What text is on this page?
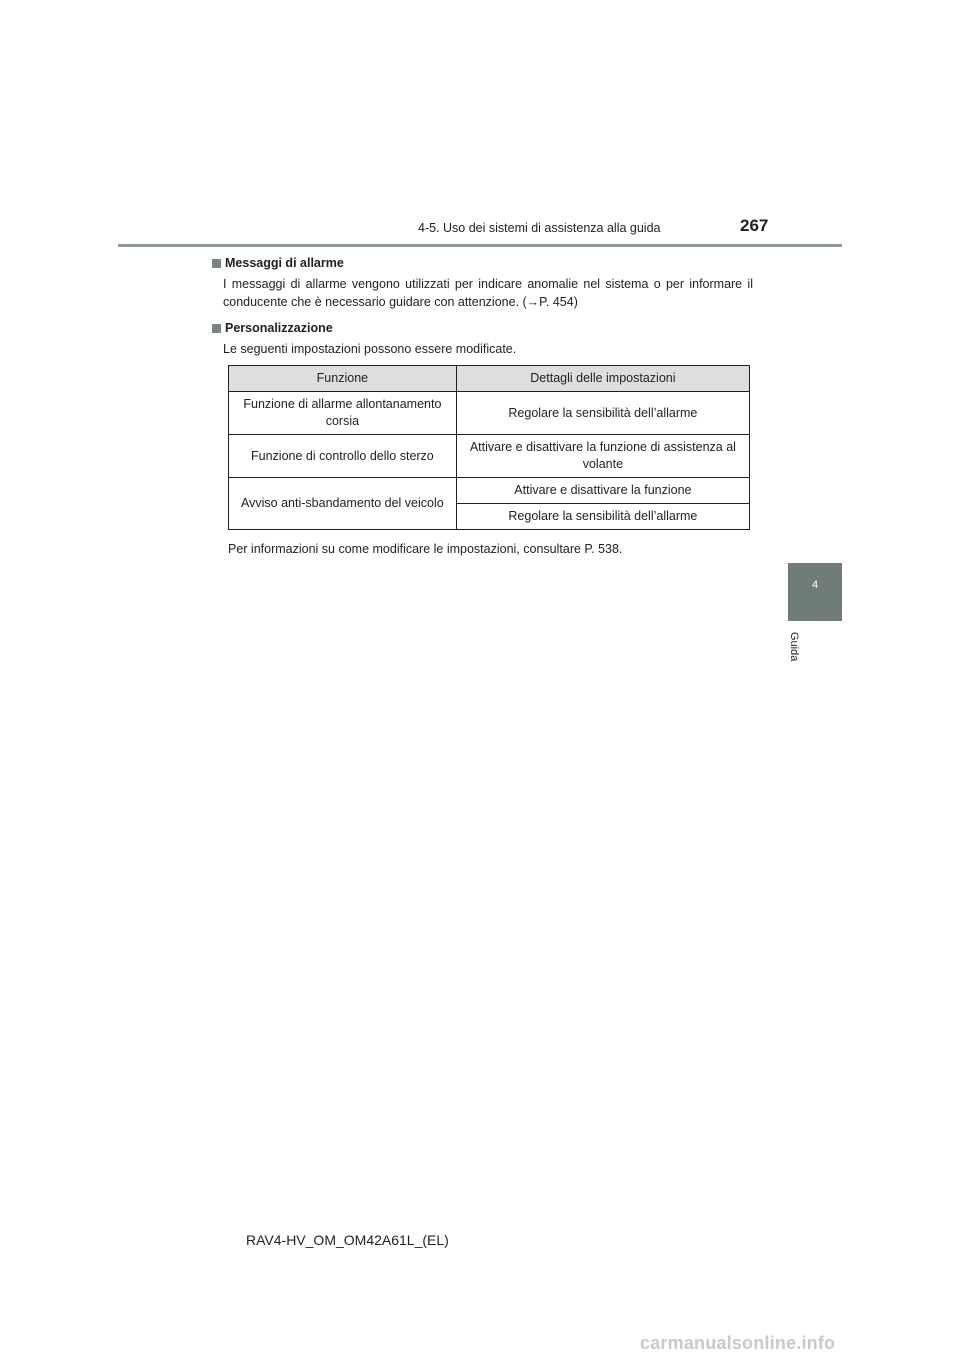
4-5. Uso dei sistemi di assistenza alla guida	267
4
Guida
Messaggi di allarme

I messaggi di allarme vengono utilizzati per indicare anomalie nel sistema o per informare il conducente che è necessario guidare con attenzione. (→P. 454)

Personalizzazione

Le seguenti impostazioni possono essere modificate.

Funzione	Dettagli delle impostazioni
Funzione di allarme allontanamento corsia	Regolare la sensibilità dell’allarme
Funzione di controllo dello sterzo	Attivare e disattivare la funzione di assistenza al volante
Avviso anti-sbandamento del veicolo	Attivare e disattivare la funzione
	Regolare la sensibilità dell’allarme
Per informazioni su come modificare le impostazioni, consultare P. 538.
RAV4-HV_OM_OM42A61L_(EL)
carmanualsonline.info
